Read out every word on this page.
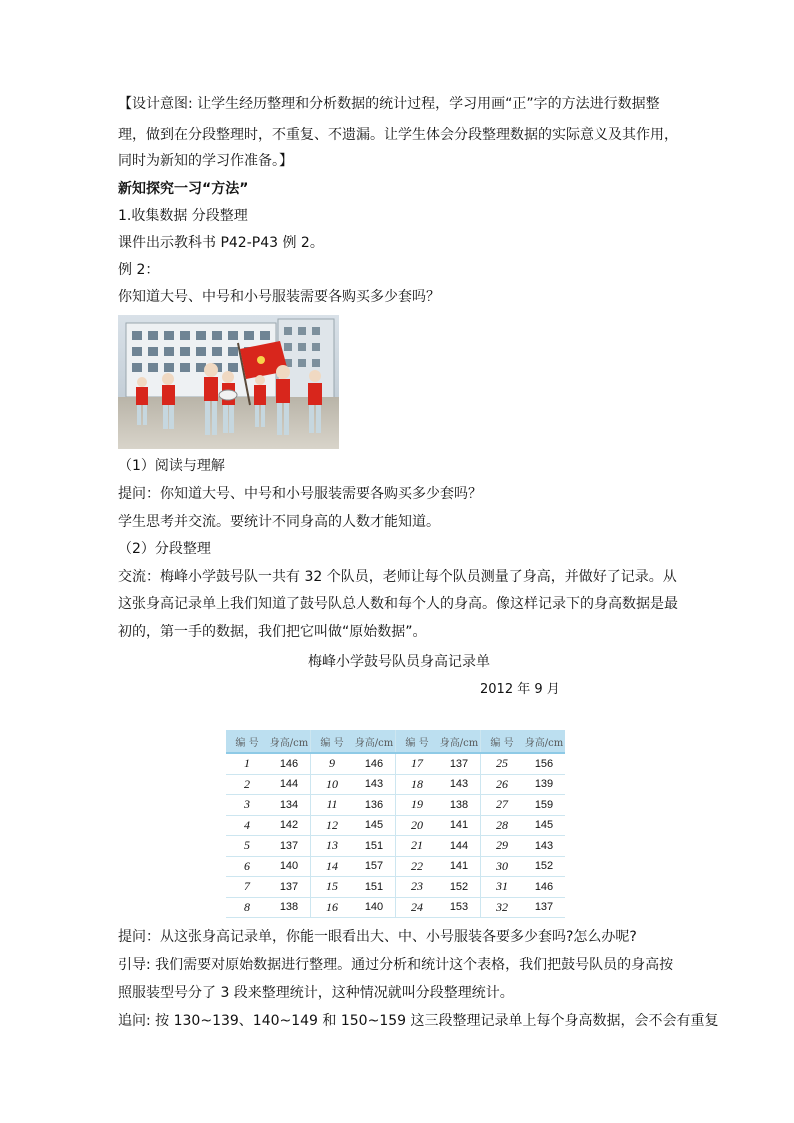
【设计意图: 让学生经历整理和分析数据的统计过程，学习用画“正”字的方法进行数据整
理，做到在分段整理时，不重复、不遗漏。让学生体会分段整理数据的实际意义及其作用，
同时为新知的学习作准备。】
新知探究一习“方法”
1.收集数据 分段整理
课件出示教科书 P42-P43 例 2。
例 2：
你知道大号、中号和小号服装需要各购买多少套吗？
（1）阅读与理解
提问：你知道大号、中号和小号服装需要各购买多少套吗？
学生思考并交流。要统计不同身高的人数才能知道。
（2）分段整理
交流：梅峰小学鼓号队一共有 32 个队员，老师让每个队员测量了身高，并做好了记录。从
这张身高记录单上我们知道了鼓号队总人数和每个人的身高。像这样记录下的身高数据是最
初的，第一手的数据，我们把它叫做“原始数据”。
梅峰小学鼓号队员身高记录单
2012 年 9 月
编 号	身高/cm	编 号	身高/cm	编 号	身高/cm	编 号	身高/cm
1	146	9	146	17	137	25	156
2	144	10	143	18	143	26	139
3	134	11	136	19	138	27	159
4	142	12	145	20	141	28	145
5	137	13	151	21	144	29	143
6	140	14	157	22	141	30	152
7	137	15	151	23	152	31	146
8	138	16	140	24	153	32	137
提问：从这张身高记录单，你能一眼看出大、中、小号服装各要多少套吗?怎么办呢?
引导: 我们需要对原始数据进行整理。通过分析和统计这个表格，我们把鼓号队员的身高按
照服装型号分了 3 段来整理统计，这种情况就叫分段整理统计。
追问: 按 130~139、140~149 和 150~159 这三段整理记录单上每个身高数据，会不会有重复
